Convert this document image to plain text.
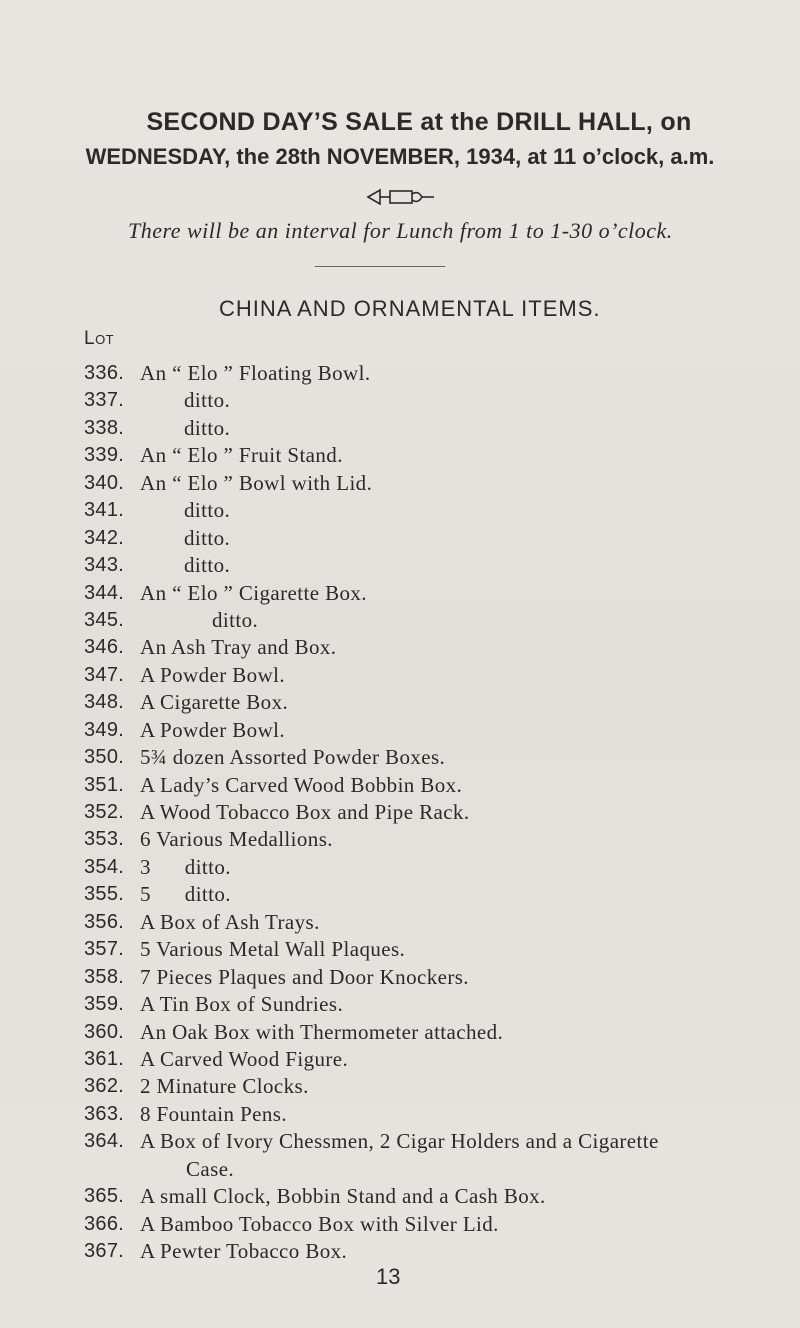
SECOND DAY’S SALE at the DRILL HALL, on
WEDNESDAY, the 28th NOVEMBER, 1934, at 11 o’clock, a.m.
There will be an interval for Lunch from 1 to 1-30 o’clock.
CHINA AND ORNAMENTAL ITEMS.
Lot
336. An “ Elo ” Floating Bowl.
337.	ditto.
338.	ditto.
339. An “ Elo ” Fruit Stand.
340. An “ Elo ” Bowl with Lid.
341.	ditto.
342.	ditto.
343.	ditto.
344. An “ Elo ” Cigarette Box.
345.	ditto.
346. An Ash Tray and Box.
347. A Powder Bowl.
348. A Cigarette Box.
349. A Powder Bowl.
350. 5¾ dozen Assorted Powder Boxes.
351. A Lady’s Carved Wood Bobbin Box.
352. A Wood Tobacco Box and Pipe Rack.
353. 6 Various Medallions.
354. 3      ditto.
355. 5      ditto.
356. A Box of Ash Trays.
357. 5 Various Metal Wall Plaques.
358. 7 Pieces Plaques and Door Knockers.
359. A Tin Box of Sundries.
360. An Oak Box with Thermometer attached.
361. A Carved Wood Figure.
362. 2 Minature Clocks.
363. 8 Fountain Pens.
364. A Box of Ivory Chessmen, 2 Cigar Holders and a Cigarette
Case.
365. A small Clock, Bobbin Stand and a Cash Box.
366. A Bamboo Tobacco Box with Silver Lid.
367. A Pewter Tobacco Box.
13
